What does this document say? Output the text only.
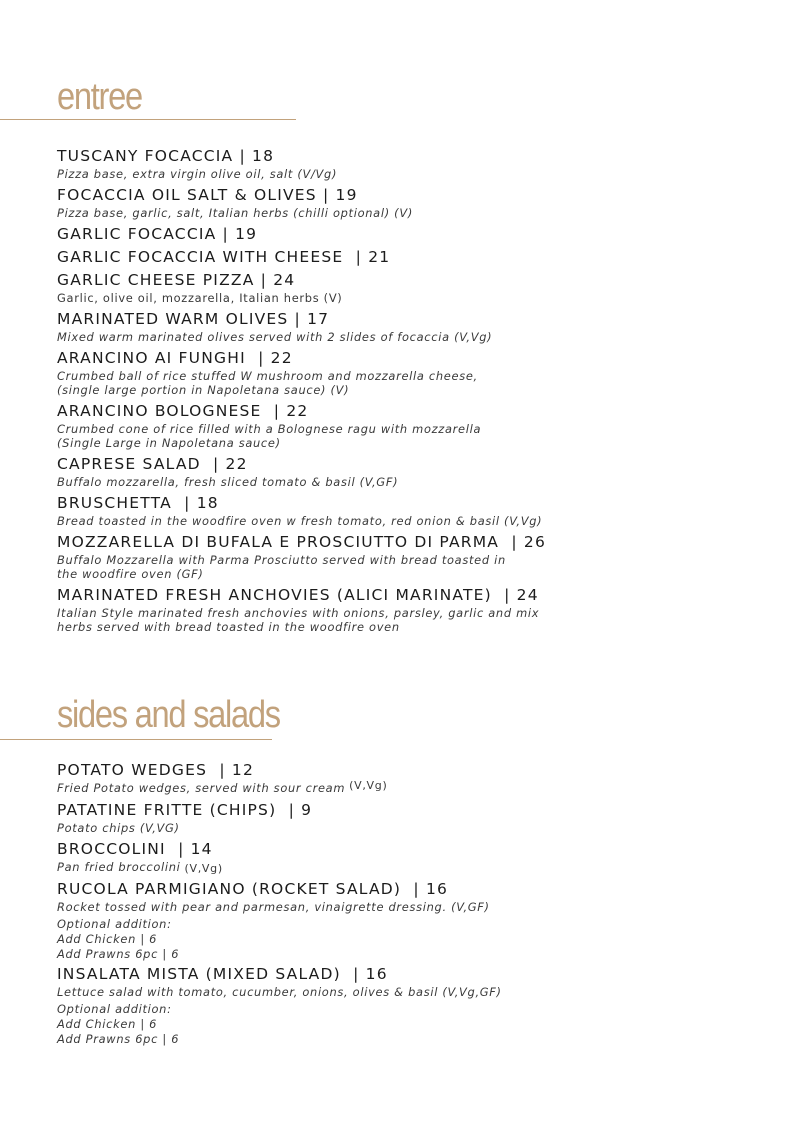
entree
TUSCANY FOCACCIA | 18
Pizza base, extra virgin olive oil, salt (V/Vg)
FOCACCIA OIL SALT & OLIVES | 19
Pizza base, garlic, salt, Italian herbs (chilli optional) (V)
GARLIC FOCACCIA | 19
GARLIC FOCACCIA WITH CHEESE  | 21
GARLIC CHEESE PIZZA | 24
Garlic, olive oil, mozzarella, Italian herbs (V)
MARINATED WARM OLIVES | 17
Mixed warm marinated olives served with 2 slides of focaccia (V,Vg)
ARANCINO AI FUNGHI  | 22
Crumbed ball of rice stuffed W mushroom and mozzarella cheese,
(single large portion in Napoletana sauce) (V)
ARANCINO BOLOGNESE  | 22
Crumbed cone of rice filled with a Bolognese ragu with mozzarella
(Single Large in Napoletana sauce)
CAPRESE SALAD  | 22
Buffalo mozzarella, fresh sliced tomato & basil (V,GF)
BRUSCHETTA  | 18
Bread toasted in the woodfire oven w fresh tomato, red onion & basil (V,Vg)
MOZZARELLA DI BUFALA E PROSCIUTTO DI PARMA  | 26
Buffalo Mozzarella with Parma Prosciutto served with bread toasted in
the woodfire oven (GF)
MARINATED FRESH ANCHOVIES (ALICI MARINATE)  | 24
Italian Style marinated fresh anchovies with onions, parsley, garlic and mix
herbs served with bread toasted in the woodfire oven
sides and salads
POTATO WEDGES  | 12
Fried Potato wedges, served with sour cream (V,Vg)
PATATINE FRITTE (CHIPS)  | 9
Potato chips (V,VG)
BROCCOLINI  | 14
Pan fried broccolini (V,Vg)
RUCOLA PARMIGIANO (ROCKET SALAD)  | 16
Rocket tossed with pear and parmesan, vinaigrette dressing. (V,GF)
Optional addition:
Add Chicken | 6
Add Prawns 6pc | 6
INSALATA MISTA (MIXED SALAD)  | 16
Lettuce salad with tomato, cucumber, onions, olives & basil (V,Vg,GF)
Optional addition:
Add Chicken | 6
Add Prawns 6pc | 6
